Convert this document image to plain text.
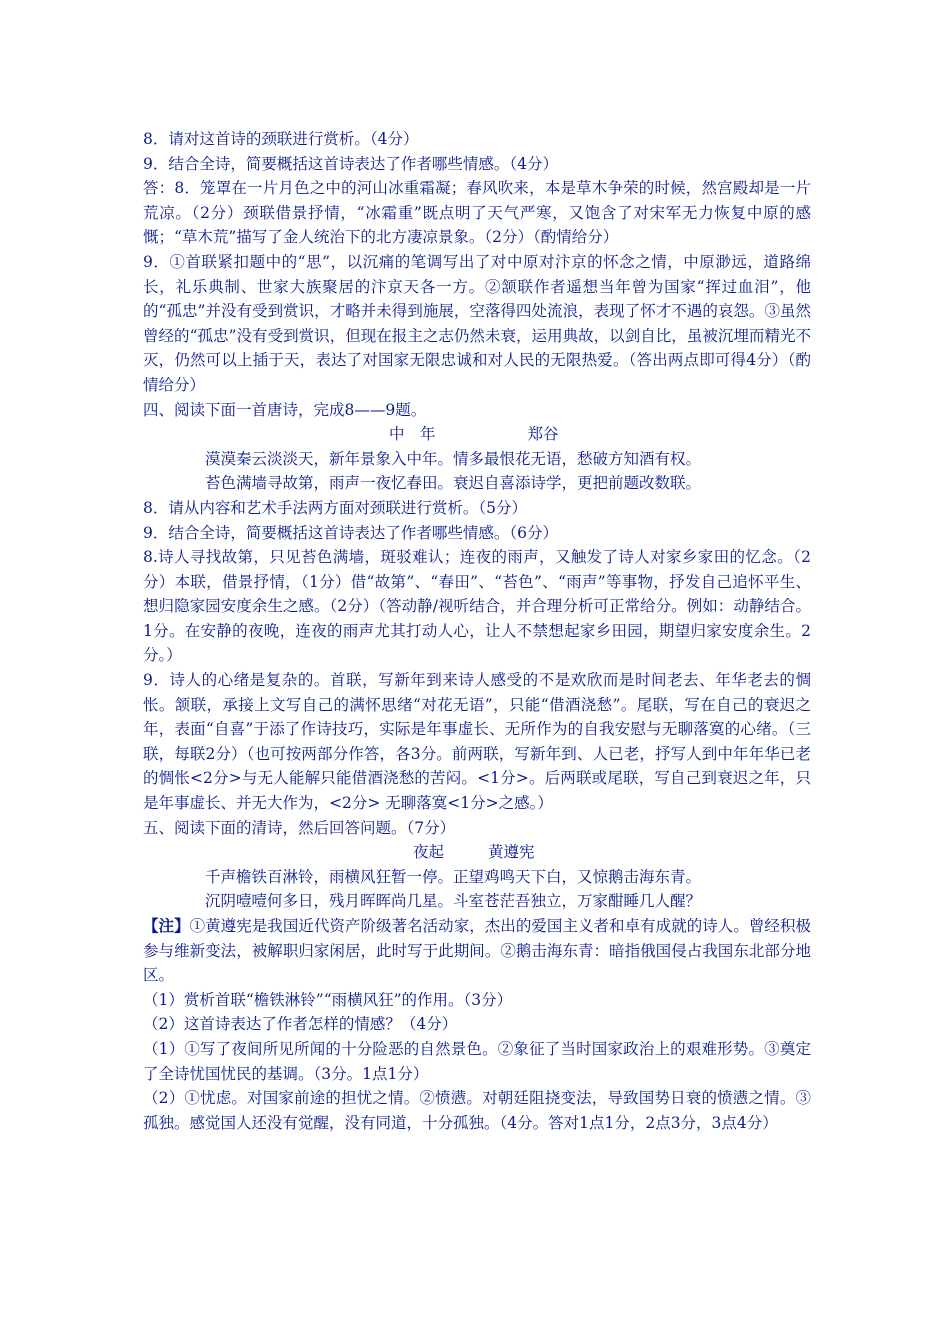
8．请对这首诗的颈联进行赏析。（4分）

9．结合全诗，简要概括这首诗表达了作者哪些情感。（4分）

答：8．笼罩在一片月色之中的河山冰重霜凝；春风吹来，本是草木争荣的时候，然宫殿却是一片荒凉。（2分）颈联借景抒情，“冰霜重”既点明了天气严寒，又饱含了对宋军无力恢复中原的感慨；“草木荒”描写了金人统治下的北方凄凉景象。（2分）（酌情给分）

9．①首联紧扣题中的“思”，以沉痛的笔调写出了对中原对汴京的怀念之情，中原渺远，道路绵长，礼乐典制、世家大族聚居的汴京天各一方。②颔联作者遥想当年曾为国家“挥过血泪”，他的“孤忠”并没有受到赏识，才略并未得到施展，空落得四处流浪，表现了怀才不遇的哀怨。③虽然曾经的“孤忠”没有受到赏识，但现在报主之志仍然未衰，运用典故，以剑自比，虽被沉埋而精光不灭，仍然可以上插于天，表达了对国家无限忠诚和对人民的无限热爱。（答出两点即可得4分）（酌情给分）

四、阅读下面一首唐诗，完成8——9题。

中　年	郑谷

漠漠秦云淡淡天，新年景象入中年。情多最恨花无语，愁破方知酒有权。

苔色满墙寻故第，雨声一夜忆春田。衰迟自喜添诗学，更把前题改数联。

8．请从内容和艺术手法两方面对颈联进行赏析。（5分）

9．结合全诗，简要概括这首诗表达了作者哪些情感。（6分）

8.诗人寻找故第，只见苔色满墙，斑驳难认；连夜的雨声，又触发了诗人对家乡家田的忆念。（2分）本联，借景抒情，（1分）借“故第”、“春田”、“苔色”、“雨声”等事物，抒发自己追怀平生、想归隐家园安度余生之感。（2分）（答动静/视听结合，并合理分析可正常给分。例如：动静结合。1分。在安静的夜晚，连夜的雨声尤其打动人心，让人不禁想起家乡田园，期望归家安度余生。2分。）

9．诗人的心绪是复杂的。首联，写新年到来诗人感受的不是欢欣而是时间老去、年华老去的惆怅。颔联，承接上文写自己的满怀思绪“对花无语”，只能“借酒浇愁”。尾联，写在自己的衰迟之年，表面“自喜”于添了作诗技巧，实际是年事虚长、无所作为的自我安慰与无聊落寞的心绪。（三联，每联2分）（也可按两部分作答，各3分。前两联，写新年到、人已老，抒写人到中年年华已老的惆怅<2分>与无人能解只能借酒浇愁的苦闷。<1分>。后两联或尾联，写自己到衰迟之年，只是年事虚长、并无大作为，<2分> 无聊落寞<1分>之感。）

五、阅读下面的清诗，然后回答问题。（7分）

夜起	黄遵宪

千声檐铁百淋铃，雨横风狂暂一停。正望鸡鸣天下白，又惊鹅击海东青。

沉阴噎噎何多日，残月晖晖尚几星。斗室苍茫吾独立，万家酣睡几人醒？

【注】①黄遵宪是我国近代资产阶级著名活动家，杰出的爱国主义者和卓有成就的诗人。曾经积极参与维新变法，被解职归家闲居，此时写于此期间。②鹅击海东青：暗指俄国侵占我国东北部分地区。

（1）赏析首联“檐铁淋铃”“雨横风狂”的作用。（3分）

（2）这首诗表达了作者怎样的情感？（4分）

（1）①写了夜间所见所闻的十分险恶的自然景色。②象征了当时国家政治上的艰难形势。③奠定了全诗忧国忧民的基调。（3分。1点1分）

（2）①忧虑。对国家前途的担忧之情。②愤懑。对朝廷阻挠变法，导致国势日衰的愤懑之情。③孤独。感觉国人还没有觉醒，没有同道，十分孤独。（4分。答对1点1分，2点3分，3点4分）
